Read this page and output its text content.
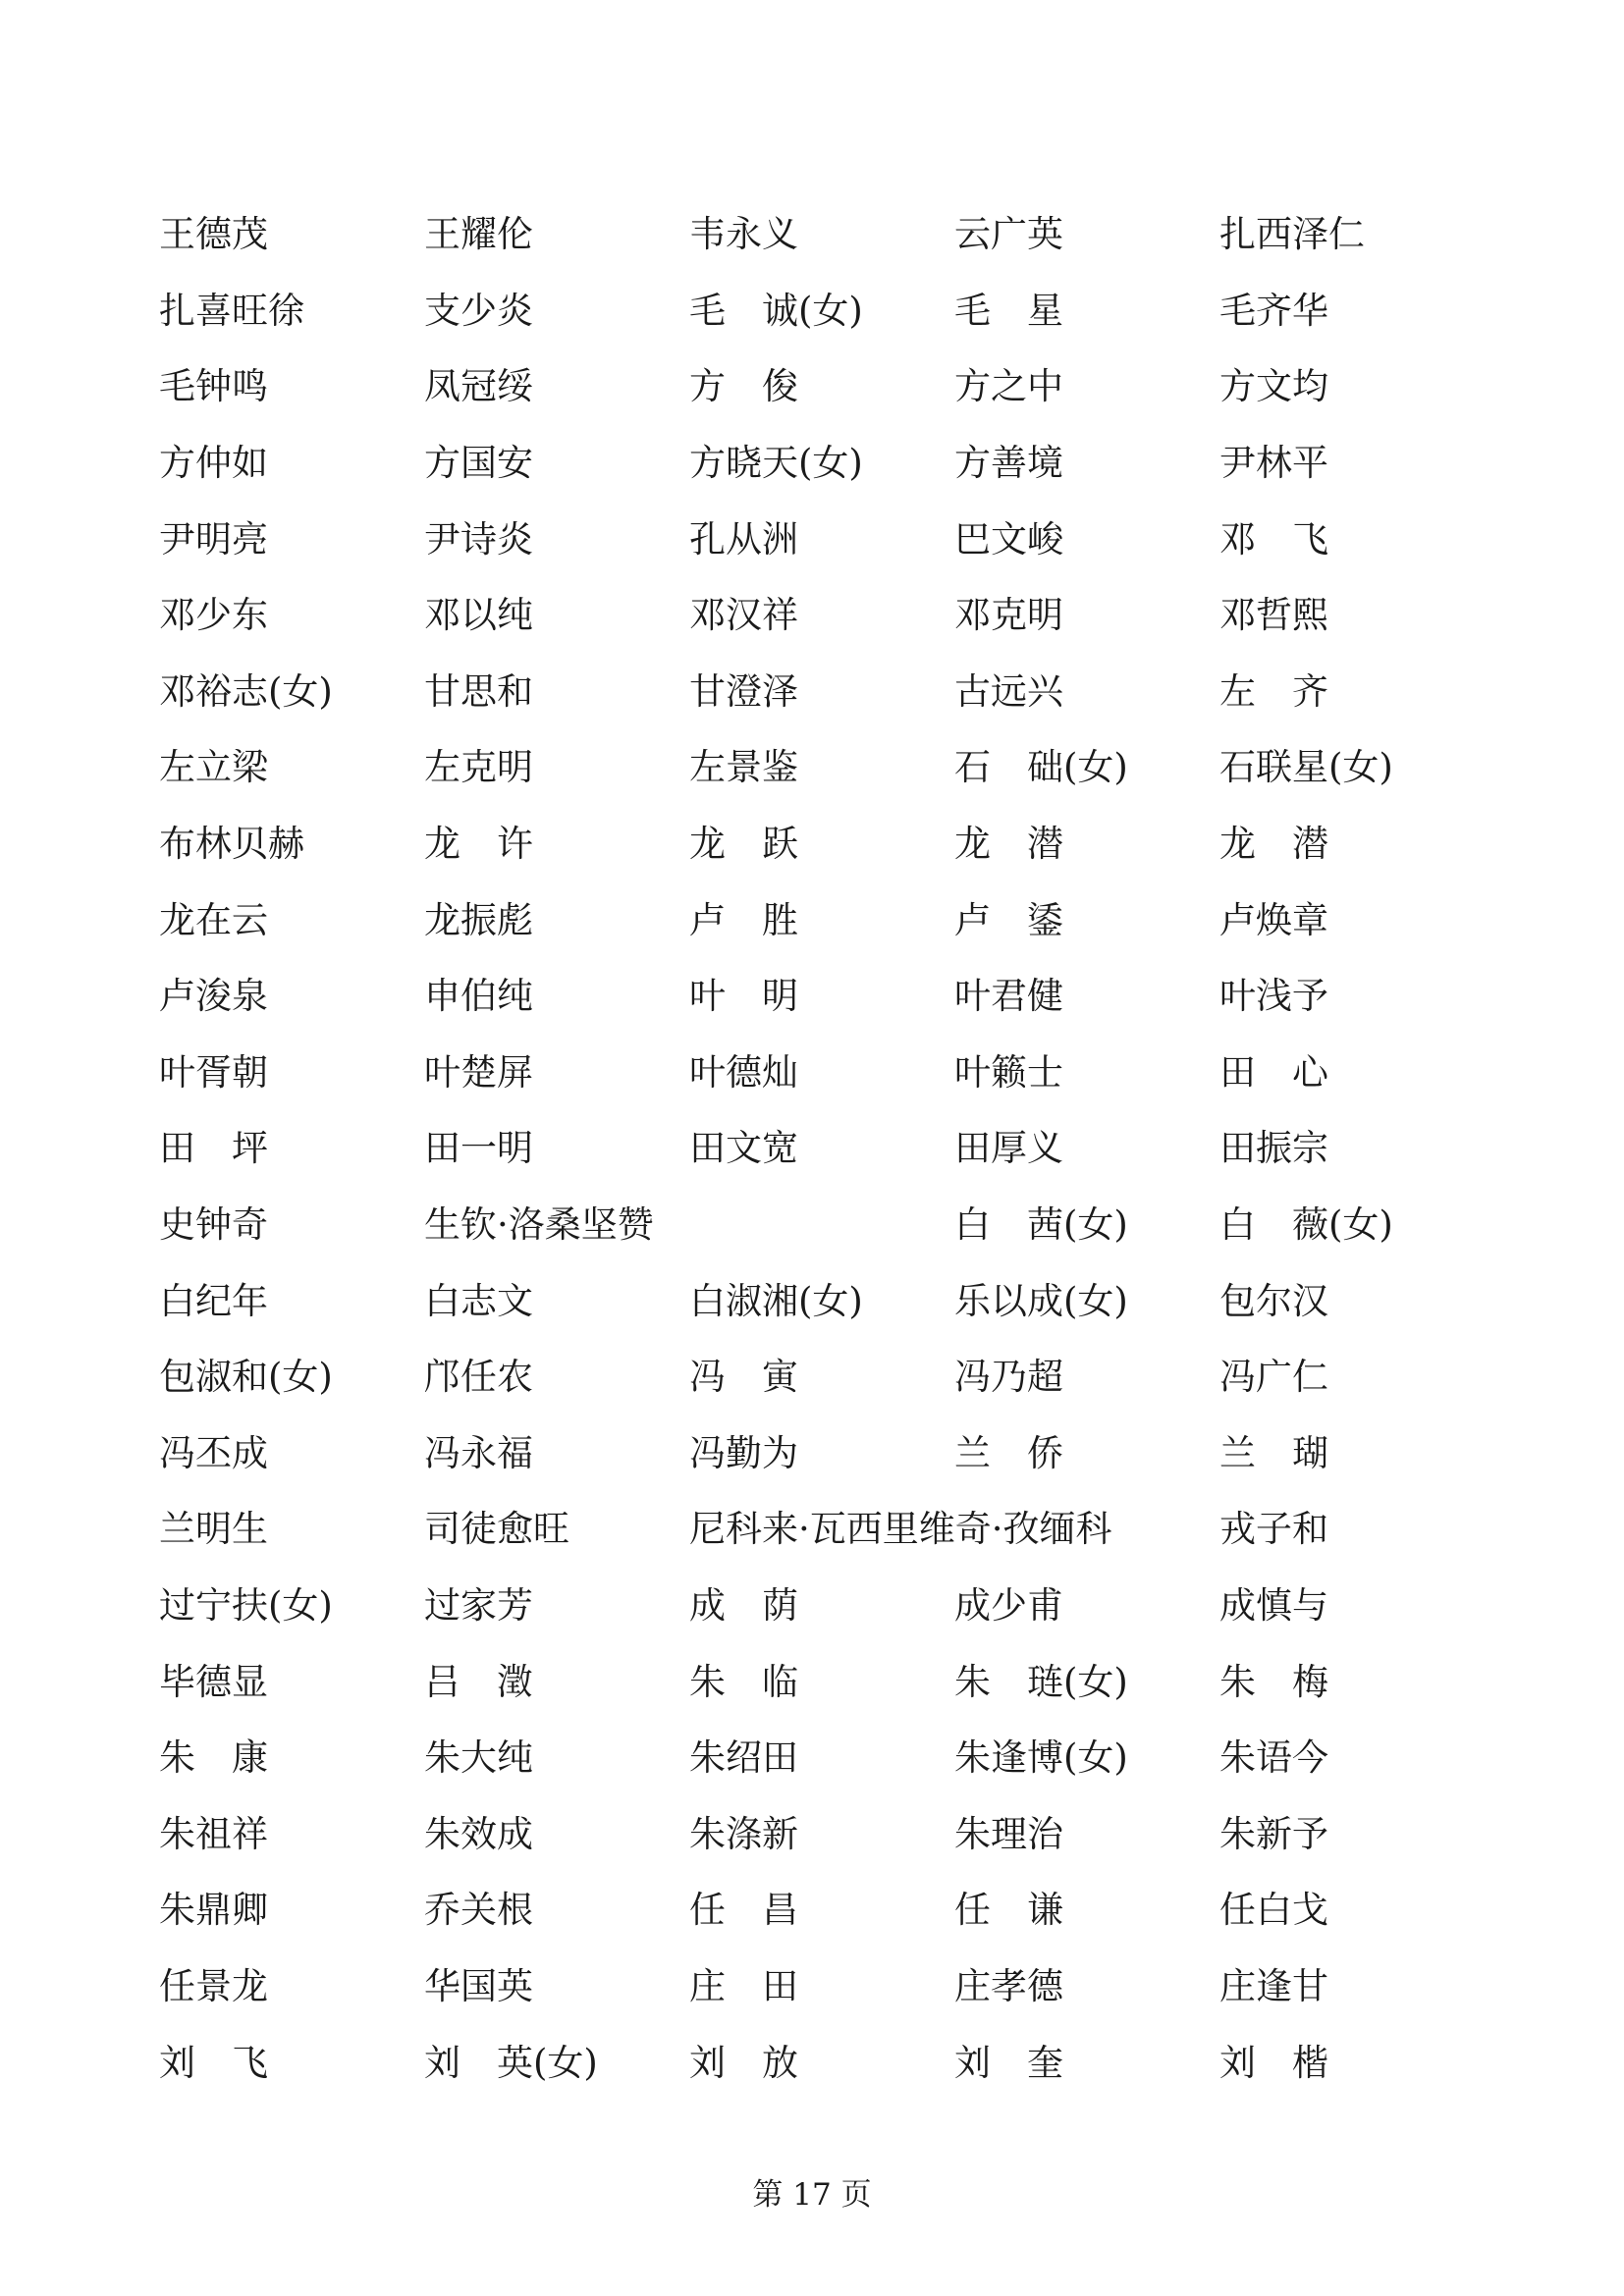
王德茂	王耀伦	韦永义	云广英	扎西泽仁
扎喜旺徐	支少炎	毛　诚(女)	毛　星	毛齐华
毛钟鸣	凤冠绥	方　俊	方之中	方文均
方仲如	方国安	方晓天(女)	方善境	尹林平
尹明亮	尹诗炎	孔从洲	巴文峻	邓　飞
邓少东	邓以纯	邓汉祥	邓克明	邓哲熙
邓裕志(女)	甘思和	甘澄泽	古远兴	左　齐
左立梁	左克明	左景鉴	石　础(女)	石联星(女)
布林贝赫	龙　许	龙　跃	龙　潜	龙　潜
龙在云	龙振彪	卢　胜	卢　鋈	卢焕章
卢浚泉	申伯纯	叶　明	叶君健	叶浅予
叶胥朝	叶楚屏	叶德灿	叶籁士	田　心
田　坪	田一明	田文宽	田厚义	田振宗
史钟奇	生钦·洛桑坚赞	白　茜(女)	白　薇(女)
白纪年	白志文	白淑湘(女)	乐以成(女)	包尔汉
包淑和(女)	邝任农	冯　寅	冯乃超	冯广仁
冯丕成	冯永福	冯勤为	兰　侨	兰　瑚
兰明生	司徒愈旺	尼科来·瓦西里维奇·孜缅科	戎子和
过宁扶(女)	过家芳	成　荫	成少甫	成慎与
毕德显	吕　澂	朱　临	朱　琏(女)	朱　梅
朱　康	朱大纯	朱绍田	朱逢博(女)	朱语今
朱祖祥	朱效成	朱涤新	朱理治	朱新予
朱鼎卿	乔关根	任　昌	任　谦	任白戈
任景龙	华国英	庄　田	庄孝德	庄逢甘
刘　飞	刘　英(女)	刘　放	刘　奎	刘　楷
第 17 页
